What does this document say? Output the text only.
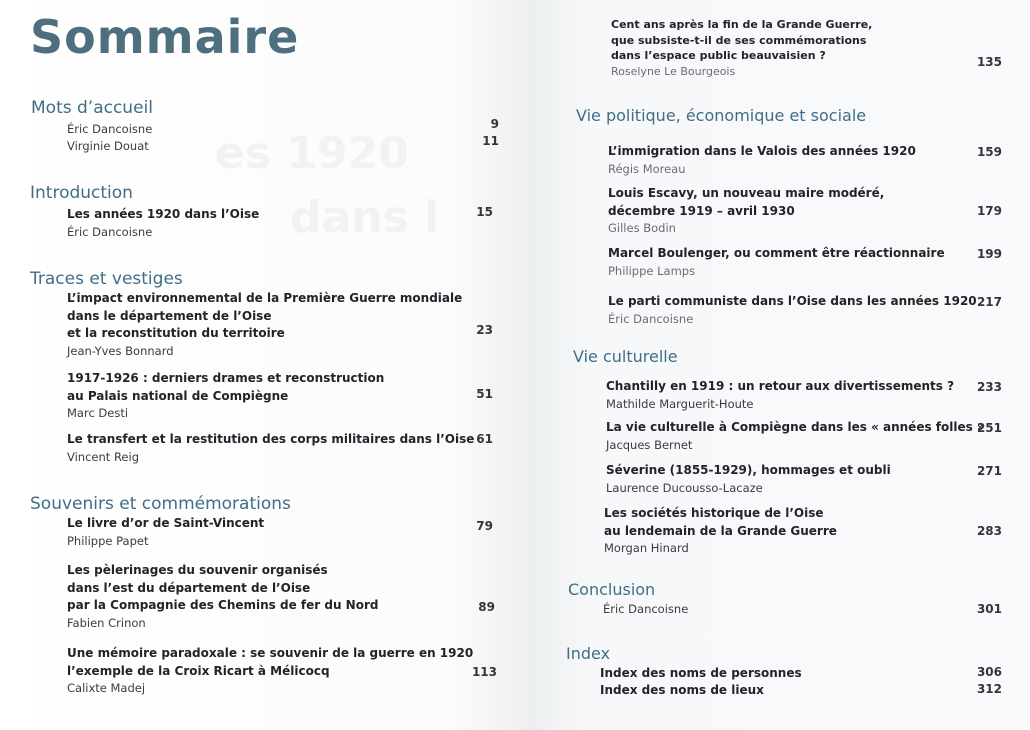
es 1920
dans l
Sommaire
Mots d’accueil
Éric Dancoisne	9
Virginie Douat	11
Introduction
Les années 1920 dans l’Oise
Éric Dancoisne
15
Traces et vestiges
L’impact environnemental de la Première Guerre mondiale
dans le département de l’Oise
et la reconstitution du territoire
Jean-Yves Bonnard
23
1917-1926 : derniers drames et reconstruction
au Palais national de Compiègne
Marc Desti
51
Le transfert et la restitution des corps militaires dans l’Oise
Vincent Reig
61
Souvenirs et commémorations
Le livre d’or de Saint-Vincent
Philippe Papet
79
Les pèlerinages du souvenir organisés
dans l’est du département de l’Oise
par la Compagnie des Chemins de fer du Nord
Fabien Crinon
89
Une mémoire paradoxale : se souvenir de la guerre en 1920
l’exemple de la Croix Ricart à Mélicocq
Calixte Madej
113
Cent ans après la fin de la Grande Guerre,
que subsiste-t-il de ses commémorations
dans l’espace public beauvaisien ?
Roselyne Le Bourgeois
135
Vie politique, économique et sociale
L’immigration dans le Valois des années 1920
Régis Moreau
159
Louis Escavy, un nouveau maire modéré,
décembre 1919 – avril 1930
Gilles Bodin
179
Marcel Boulenger, ou comment être réactionnaire
Philippe Lamps
199
Le parti communiste dans l’Oise dans les années 1920
Éric Dancoisne
217
Vie culturelle
Chantilly en 1919 : un retour aux divertissements ?
Mathilde Marguerit-Houte
233
La vie culturelle à Compiègne dans les « années folles »
Jacques Bernet
251
Séverine (1855-1929), hommages et oubli
Laurence Ducousso-Lacaze
271
Les sociétés historique de l’Oise
au lendemain de la Grande Guerre
Morgan Hinard
283
Conclusion
Éric Dancoisne	301
Index
Index des noms de personnes	306
Index des noms de lieux	312
